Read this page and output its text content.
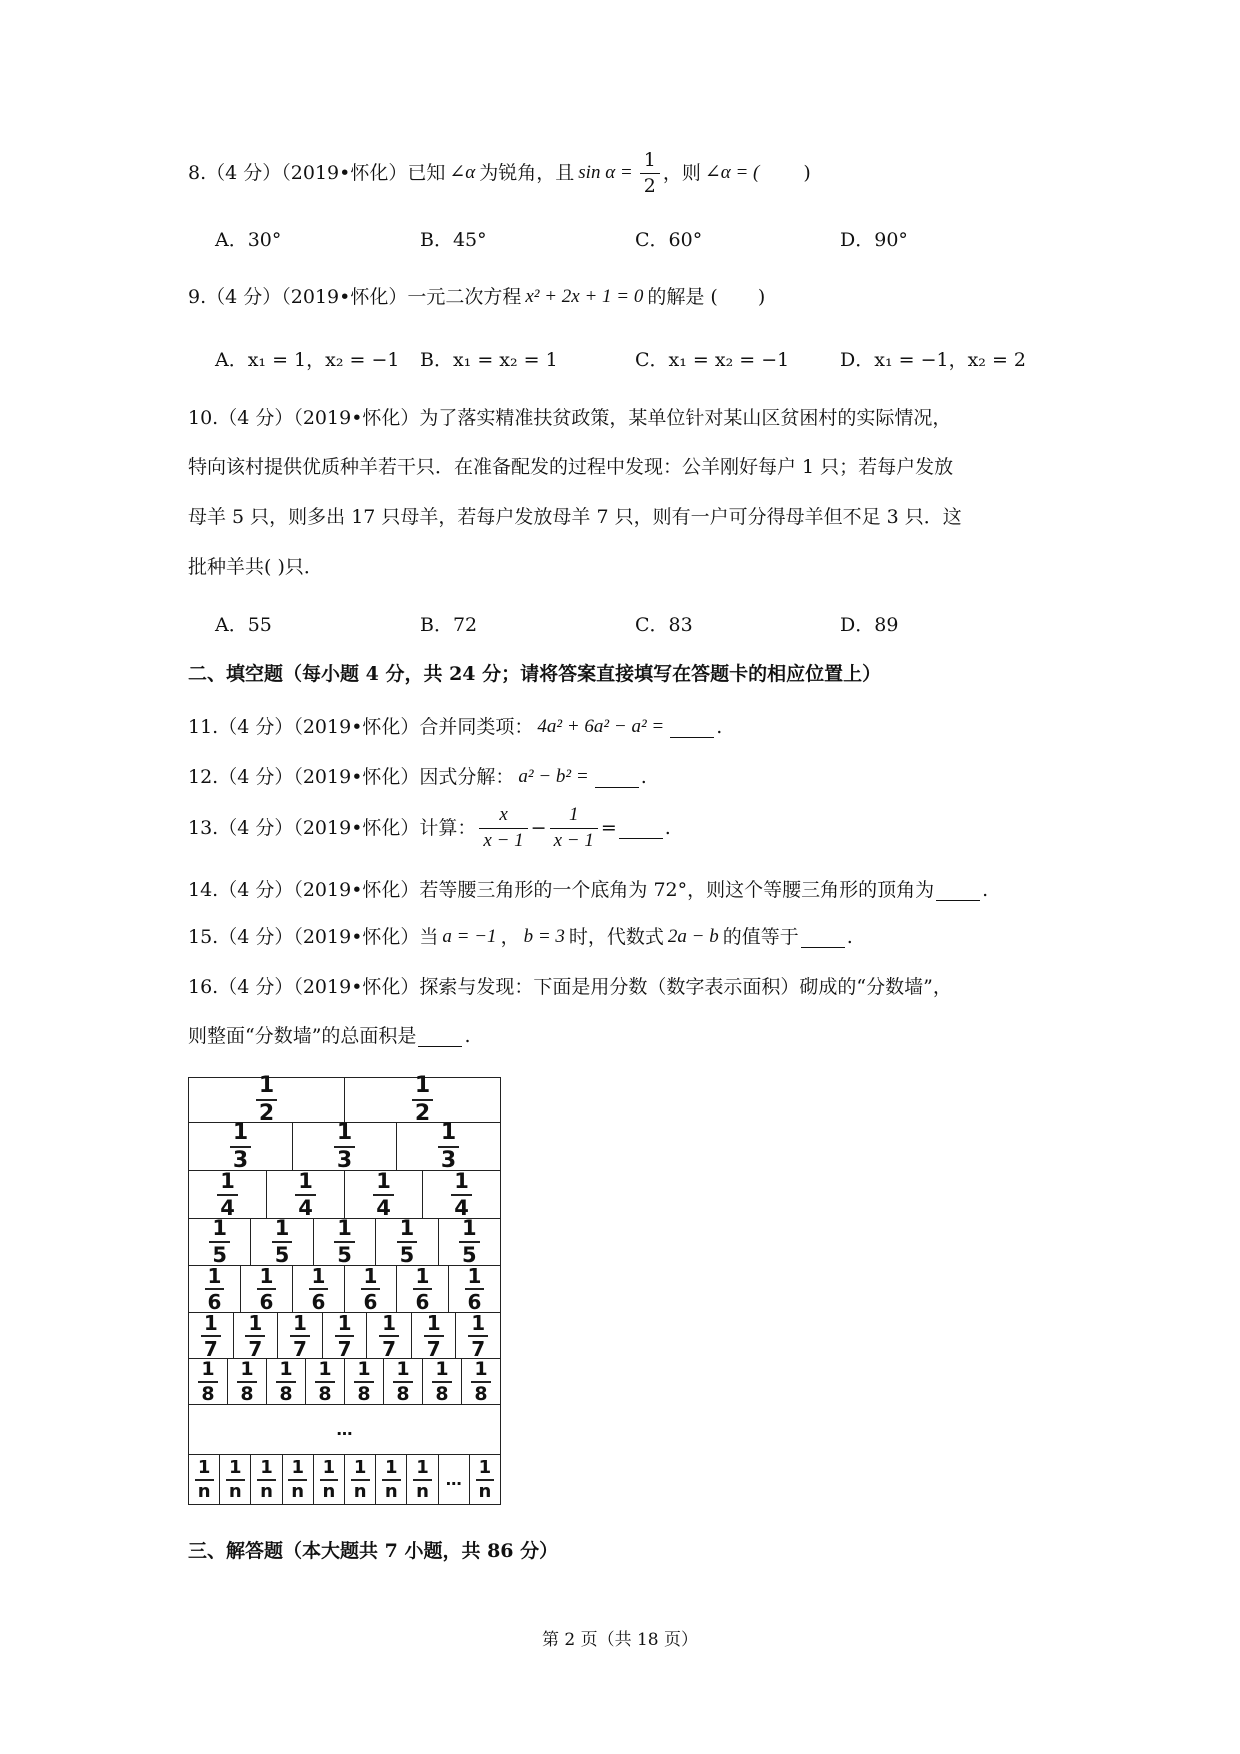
8. （4 分）（2019•怀化）已知 ∠α 为锐角，且 $\sin \alpha = \frac{1}{2}$ ，则 ∠α = ( )
A．30°	B．45°	C．60°	D．90°
9. （4 分）（2019•怀化）一元二次方程 x² + 2x + 1 = 0 的解是 ( )
A．x₁ = 1，x₂ = −1	B．x₁ = x₂ = 1	C．x₁ = x₂ = −1	D．x₁ = −1，x₂ = 2
10.（4 分）（2019•怀化）为了落实精准扶贫政策，某单位针对某山区贫困村的实际情况，
特向该村提供优质种羊若干只．在准备配发的过程中发现：公羊刚好每户 1 只；若每户发放
母羊 5 只，则多出 17 只母羊，若每户发放母羊 7 只，则有一户可分得母羊但不足 3 只．这
批种羊共( )只．
A．55	B．72	C．83	D．89
二、填空题（每小题 4 分，共 24 分；请将答案直接填写在答题卡的相应位置上）
11.（4 分）（2019•怀化）合并同类项： 4a² + 6a² − a² =	.
12.（4 分）（2019•怀化）因式分解： a² − b² =	.
13.（4 分）（2019•怀化）计算： $\frac{x}{x - 1} - \frac{1}{x - 1}$ =	.
14.（4 分）（2019•怀化）若等腰三角形的一个底角为 72°，则这个等腰三角形的顶角为	.
15.（4 分）（2019•怀化）当 a = −1 ， b = 3 时，代数式 2a − b 的值等于	.
16.（4 分）（2019•怀化）探索与发现：下面是用分数（数字表示面积）砌成的“分数墙”，
则整面“分数墙”的总面积是	.
$\frac{1}{2}$	$\frac{1}{2}$
$\frac{1}{3}$	$\frac{1}{3}$	$\frac{1}{3}$
$\frac{1}{4}$	$\frac{1}{4}$	$\frac{1}{4}$	$\frac{1}{4}$
$\frac{1}{5} \frac{1}{5} \frac{1}{5} \frac{1}{5} \frac{1}{5}$
$\frac{1}{6} \frac{1}{6} \frac{1}{6} \frac{1}{6} \frac{1}{6} \frac{1}{6}$
$\frac{1}{7} \frac{1}{7} \frac{1}{7} \frac{1}{7} \frac{1}{7} \frac{1}{7} \frac{1}{7}$
$\frac{1}{8} \frac{1}{8} \frac{1}{8} \frac{1}{8} \frac{1}{8} \frac{1}{8} \frac{1}{8} \frac{1}{8}$
…
$\frac{1}{n} \frac{1}{n} \frac{1}{n} \frac{1}{n} \frac{1}{n} \frac{1}{n} \frac{1}{n} \frac{1}{n}$ … $\frac{1}{n}$
三、解答题（本大题共 7 小题，共 86 分）
第 2 页（共 18 页）
